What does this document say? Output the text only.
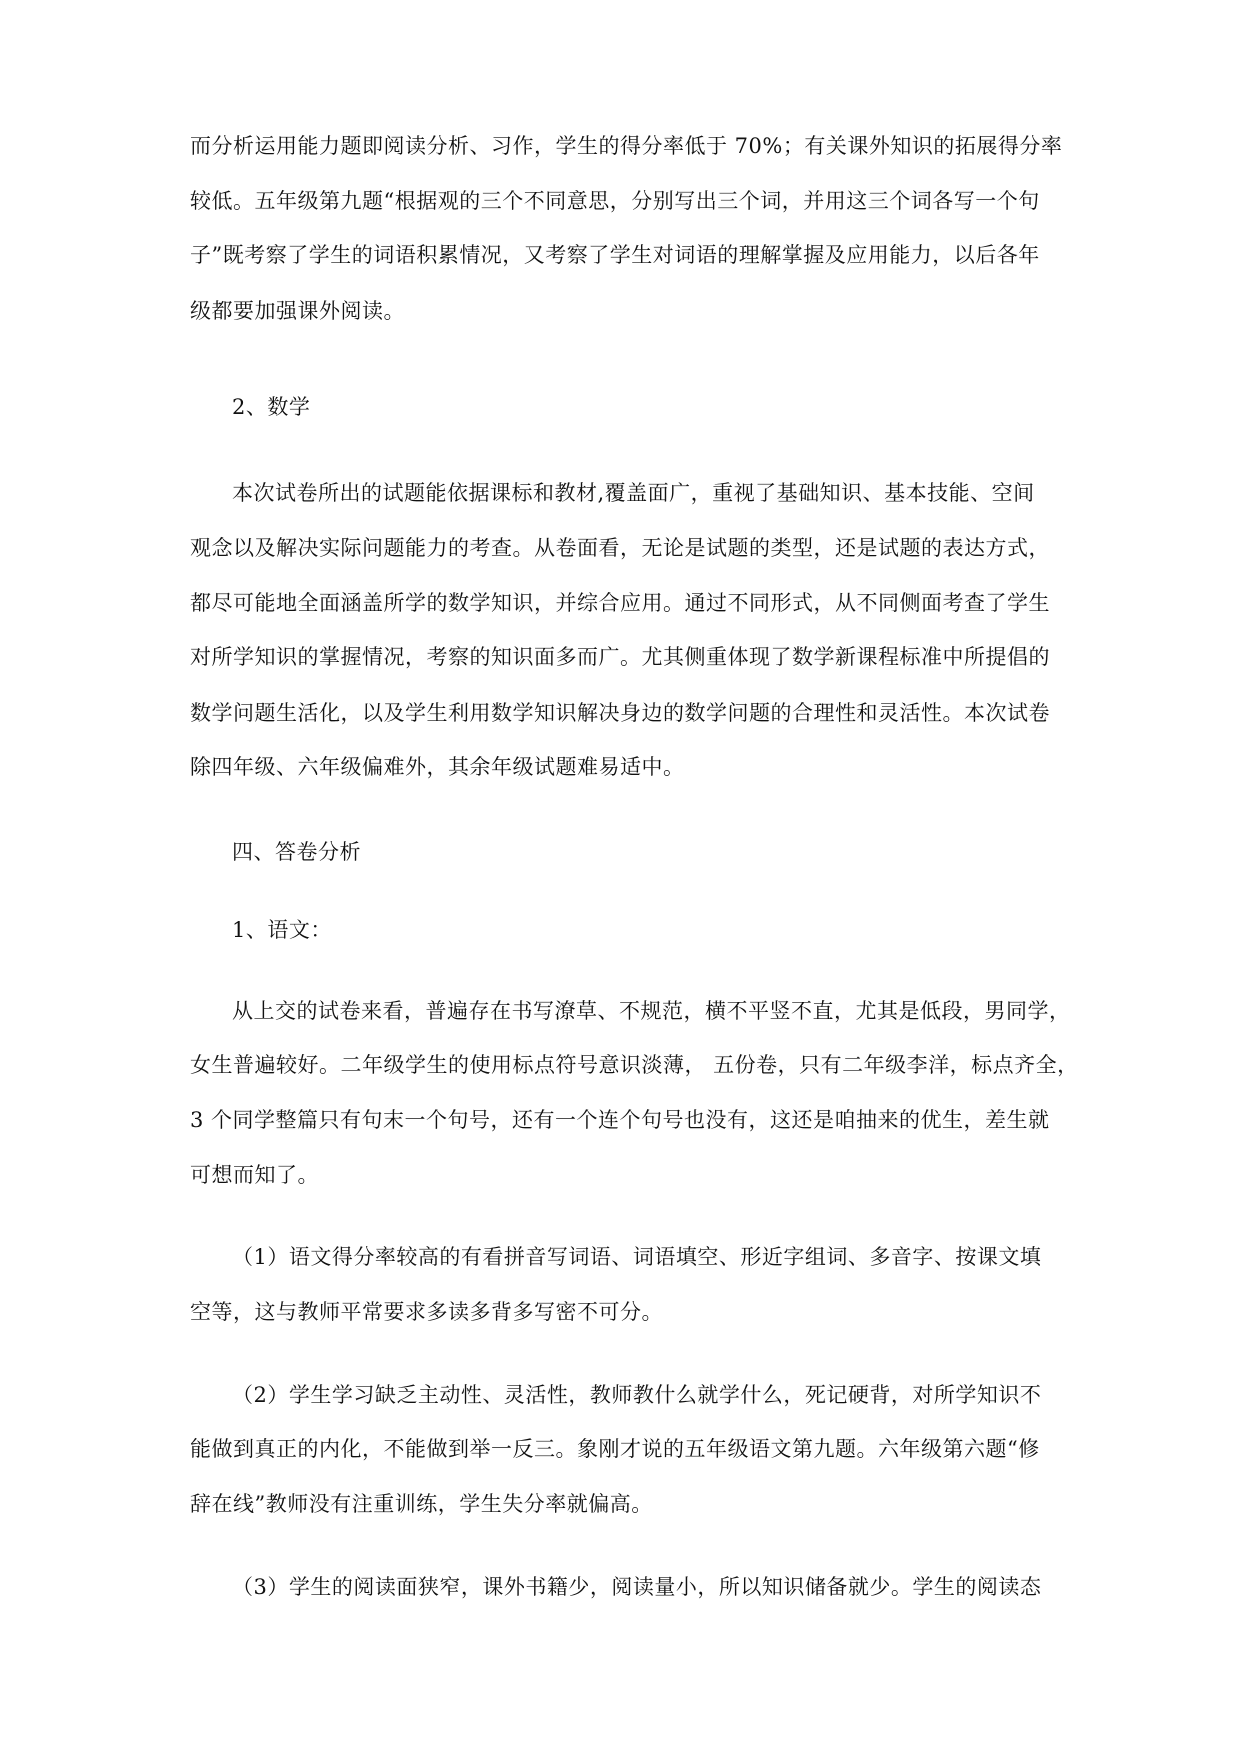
而分析运用能力题即阅读分析、习作，学生的得分率低于 70%；有关课外知识的拓展得分率
较低。五年级第九题“根据观的三个不同意思，分别写出三个词，并用这三个词各写一个句
子”既考察了学生的词语积累情况，又考察了学生对词语的理解掌握及应用能力，以后各年
级都要加强课外阅读。
2、数学
本次试卷所出的试题能依据课标和教材,覆盖面广，重视了基础知识、基本技能、空间
观念以及解决实际问题能力的考查。从卷面看，无论是试题的类型，还是试题的表达方式，
都尽可能地全面涵盖所学的数学知识，并综合应用。通过不同形式，从不同侧面考查了学生
对所学知识的掌握情况，考察的知识面多而广。尤其侧重体现了数学新课程标准中所提倡的
数学问题生活化，以及学生利用数学知识解决身边的数学问题的合理性和灵活性。本次试卷
除四年级、六年级偏难外，其余年级试题难易适中。
四、答卷分析
1、语文：
从上交的试卷来看，普遍存在书写潦草、不规范，横不平竖不直，尤其是低段，男同学，
女生普遍较好。二年级学生的使用标点符号意识淡薄， 五份卷，只有二年级李洋，标点齐全，
3 个同学整篇只有句末一个句号，还有一个连个句号也没有，这还是咱抽来的优生，差生就
可想而知了。
（1）语文得分率较高的有看拼音写词语、词语填空、形近字组词、多音字、按课文填
空等，这与教师平常要求多读多背多写密不可分。
（2）学生学习缺乏主动性、灵活性，教师教什么就学什么，死记硬背，对所学知识不
能做到真正的内化，不能做到举一反三。象刚才说的五年级语文第九题。六年级第六题“修
辞在线”教师没有注重训练，学生失分率就偏高。
（3）学生的阅读面狭窄，课外书籍少，阅读量小，所以知识储备就少。学生的阅读态
